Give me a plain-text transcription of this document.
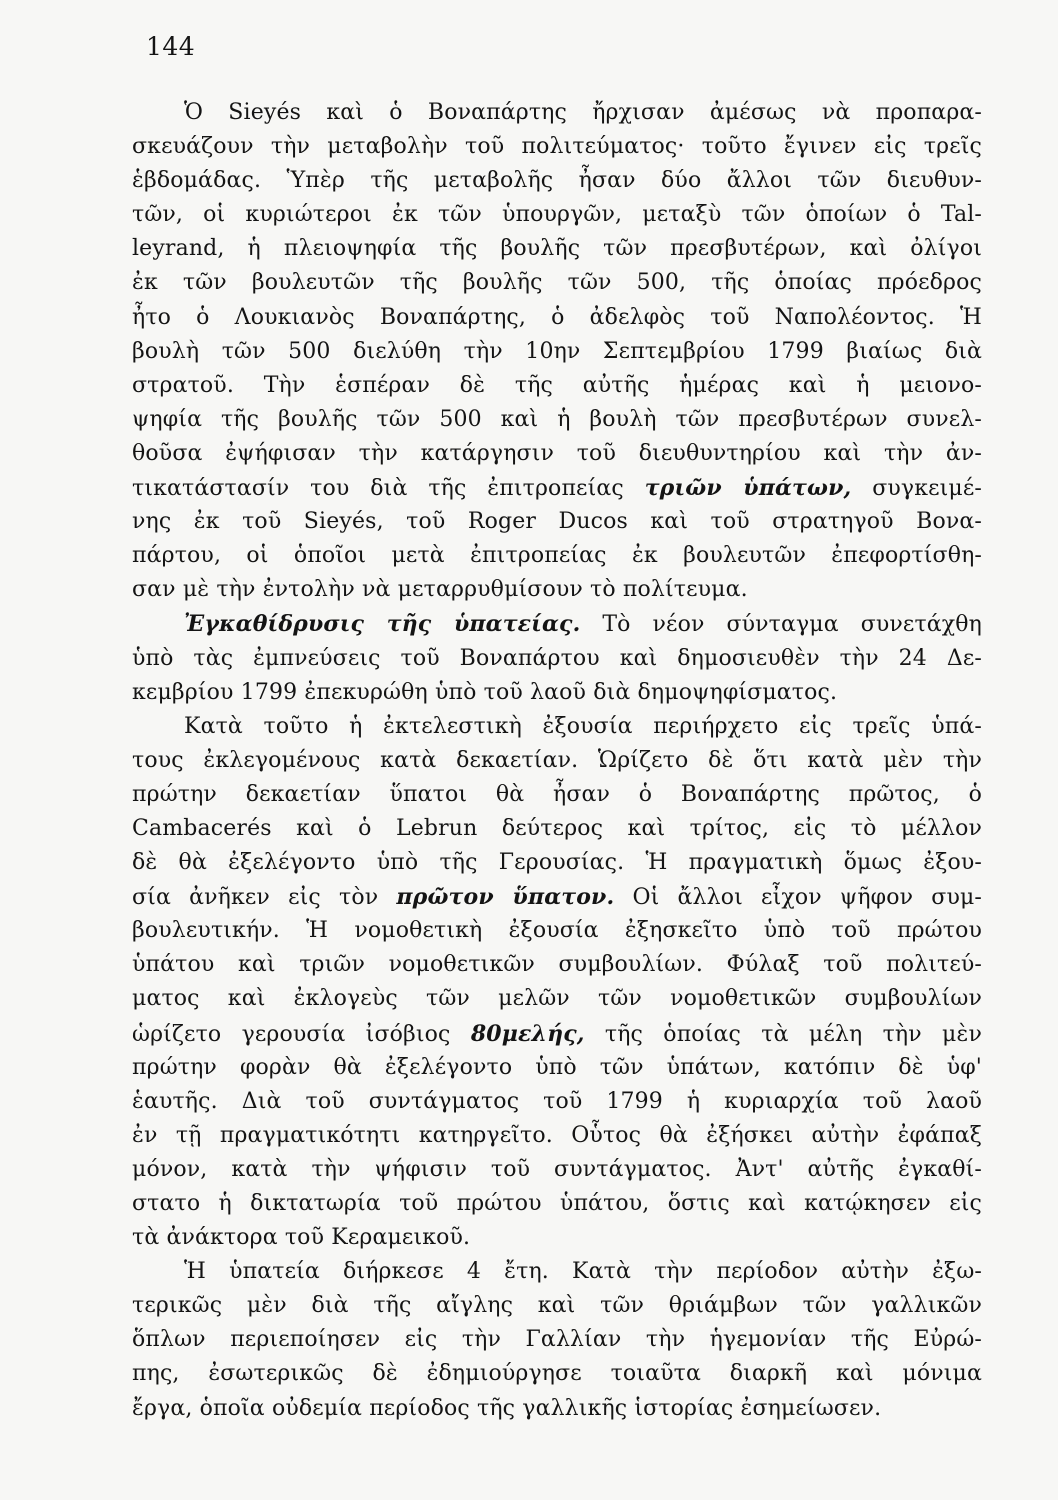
144
Ὁ Sieyés καὶ ὁ Βοναπάρτης ἤρχισαν ἀμέσως νὰ προπαρα-
σκευάζουν τὴν μεταβολὴν τοῦ πολιτεύματος· τοῦτο ἔγινεν εἰς τρεῖς
ἑβδομάδας. Ὑπὲρ τῆς μεταβολῆς ἦσαν δύο ἄλλοι τῶν διευθυν-
τῶν, οἱ κυριώτεροι ἐκ τῶν ὑπουργῶν, μεταξὺ τῶν ὁποίων ὁ Tal-
leyrand, ἡ πλειοψηφία τῆς βουλῆς τῶν πρεσβυτέρων, καὶ ὀλίγοι
ἐκ τῶν βουλευτῶν τῆς βουλῆς τῶν 500, τῆς ὁποίας πρόεδρος
ἦτο ὁ Λουκιανὸς Βοναπάρτης, ὁ ἀδελφὸς τοῦ Ναπολέοντος. Ἡ
βουλὴ τῶν 500 διελύθη τὴν 10ην Σεπτεμβρίου 1799 βιαίως διὰ
στρατοῦ. Τὴν ἑσπέραν δὲ τῆς αὐτῆς ἡμέρας καὶ ἡ μειονο-
ψηφία τῆς βουλῆς τῶν 500 καὶ ἡ βουλὴ τῶν πρεσβυτέρων συνελ-
θοῦσα ἐψήφισαν τὴν κατάργησιν τοῦ διευθυντηρίου καὶ τὴν ἀν-
τικατάστασίν του διὰ τῆς ἐπιτροπείας τριῶν ὑπάτων, συγκειμέ-
νης ἐκ τοῦ Sieyés, τοῦ Roger Ducos καὶ τοῦ στρατηγοῦ Βονα-
πάρτου, οἱ ὁποῖοι μετὰ ἐπιτροπείας ἐκ βουλευτῶν ἐπεφορτίσθη-
σαν μὲ τὴν ἐντολὴν νὰ μεταρρυθμίσουν τὸ πολίτευμα.
Ἐγκαθίδρυσις τῆς ὑπατείας. Τὸ νέον σύνταγμα συνετάχθη
ὑπὸ τὰς ἐμπνεύσεις τοῦ Βοναπάρτου καὶ δημοσιευθὲν τὴν 24 Δε-
κεμβρίου 1799 ἐπεκυρώθη ὑπὸ τοῦ λαοῦ διὰ δημοψηφίσματος.
Κατὰ τοῦτο ἡ ἐκτελεστικὴ ἐξουσία περιήρχετο εἰς τρεῖς ὑπά-
τους ἐκλεγομένους κατὰ δεκαετίαν. Ὡρίζετο δὲ ὅτι κατὰ μὲν τὴν
πρώτην δεκαετίαν ὕπατοι θὰ ἦσαν ὁ Βοναπάρτης πρῶτος, ὁ
Cambacerés καὶ ὁ Lebrun δεύτερος καὶ τρίτος, εἰς τὸ μέλλον
δὲ θὰ ἐξελέγοντο ὑπὸ τῆς Γερουσίας. Ἡ πραγματικὴ ὅμως ἐξου-
σία ἀνῆκεν εἰς τὸν πρῶτον ὕπατον. Οἱ ἄλλοι εἶχον ψῆφον συμ-
βουλευτικήν. Ἡ νομοθετικὴ ἐξουσία ἐξησκεῖτο ὑπὸ τοῦ πρώτου
ὑπάτου καὶ τριῶν νομοθετικῶν συμβουλίων. Φύλαξ τοῦ πολιτεύ-
ματος καὶ ἐκλογεὺς τῶν μελῶν τῶν νομοθετικῶν συμβουλίων
ὡρίζετο γερουσία ἰσόβιος 80μελής, τῆς ὁποίας τὰ μέλη τὴν μὲν
πρώτην φορὰν θὰ ἐξελέγοντο ὑπὸ τῶν ὑπάτων, κατόπιν δὲ ὑφ'
ἑαυτῆς. Διὰ τοῦ συντάγματος τοῦ 1799 ἡ κυριαρχία τοῦ λαοῦ
ἐν τῇ πραγματικότητι κατηργεῖτο. Οὗτος θὰ ἐξήσκει αὐτὴν ἐφάπαξ
μόνον, κατὰ τὴν ψήφισιν τοῦ συντάγματος. Ἀντ' αὐτῆς ἐγκαθί-
στατο ἡ δικτατωρία τοῦ πρώτου ὑπάτου, ὅστις καὶ κατῴκησεν εἰς
τὰ ἀνάκτορα τοῦ Κεραμεικοῦ.
Ἡ ὑπατεία διήρκεσε 4 ἔτη. Κατὰ τὴν περίοδον αὐτὴν ἐξω-
τερικῶς μὲν διὰ τῆς αἴγλης καὶ τῶν θριάμβων τῶν γαλλικῶν
ὅπλων περιεποίησεν εἰς τὴν Γαλλίαν τὴν ἡγεμονίαν τῆς Εὐρώ-
πης, ἐσωτερικῶς δὲ ἐδημιούργησε τοιαῦτα διαρκῆ καὶ μόνιμα
ἔργα, ὁποῖα οὐδεμία περίοδος τῆς γαλλικῆς ἱστορίας ἐσημείωσεν.
